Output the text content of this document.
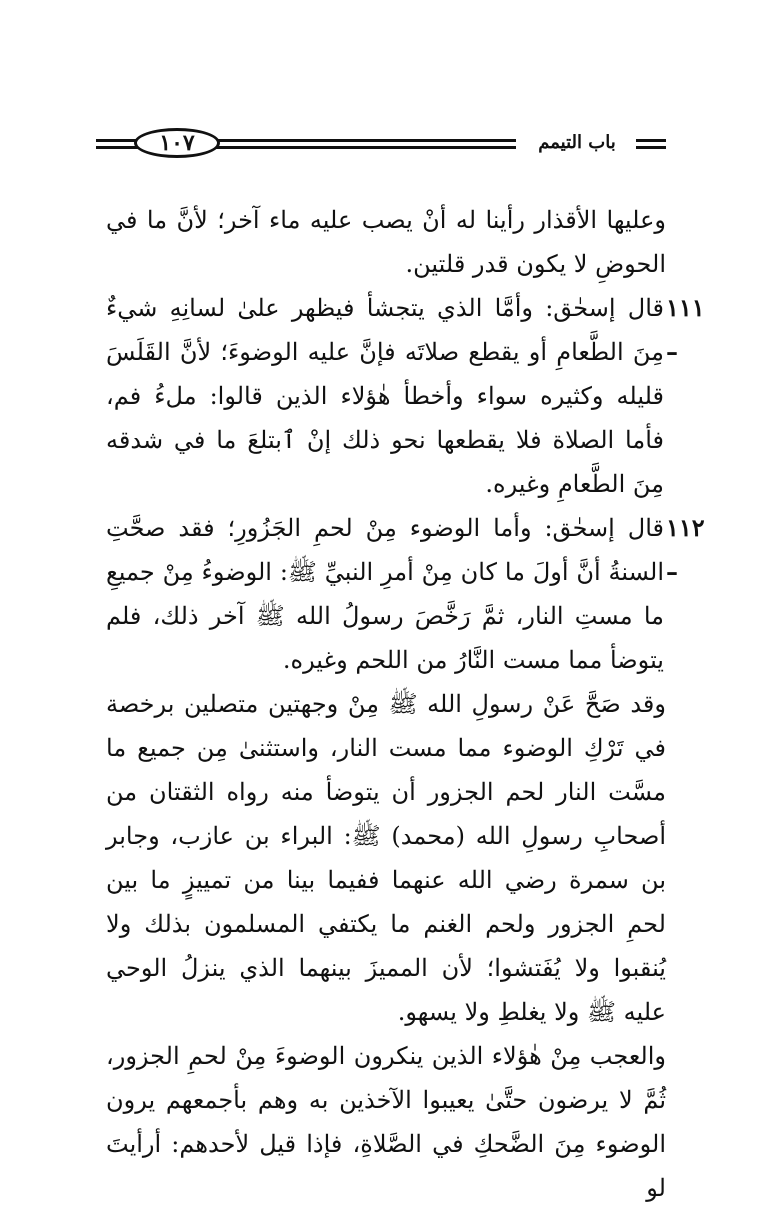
١٠٧	باب التيمم

وعليها الأقذار رأينا له أنْ يصب عليه ماء آخر؛ لأنَّ ما في الحوضِ لا يكون قدر قلتين.

١١١ –
قال إسحٰق: وأمَّا الذي يتجشأ فيظهر علىٰ لسانِهِ شيءٌ مِنَ الطَّعامِ أو يقطع صلاتَه فإنَّ عليه الوضوءَ؛ لأنَّ القَلَسَ قليله وكثيره سواء وأخطأ هٰؤلاء الذين قالوا: ملءُ فم، فأما الصلاة فلا يقطعها نحو ذلك إنْ ٱبتلعَ ما في شدقه مِنَ الطَّعامِ وغيره.

١١٢ –
قال إسحٰق: وأما الوضوء مِنْ لحمِ الجَزُورِ؛ فقد صحَّتِ السنةُ أنَّ أولَ ما كان مِنْ أمرِ النبيِّ ﷺ: الوضوءُ مِنْ جميعِ ما مستِ النار، ثمَّ رَخَّصَ رسولُ الله ﷺ آخر ذلك، فلم يتوضأ مما مست النَّارُ من اللحم وغيره.

وقد صَحَّ عَنْ رسولِ الله ﷺ مِنْ وجهتين متصلين برخصة في تَرْكِ الوضوء مما مست النار، واستثنىٰ مِن جميع ما مسَّت النار لحم الجزور أن يتوضأ منه رواه الثقتان من أصحابِ رسولِ الله (محمد) ﷺ: البراء بن عازب، وجابر بن سمرة رضي الله عنهما ففيما بينا من تمييزٍ ما بين لحمِ الجزور ولحم الغنم ما يكتفي المسلمون بذلك ولا يُنقبوا ولا يُفَتشوا؛ لأن المميزَ بينهما الذي ينزلُ الوحي عليه ﷺ ولا يغلطِ ولا يسهو.

والعجب مِنْ هٰؤلاء الذين ينكرون الوضوءَ مِنْ لحمِ الجزور، ثُمَّ لا يرضون حتَّىٰ يعيبوا الآخذين به وهم بأجمعهم يرون الوضوء مِنَ الضَّحكِ في الصَّلاةِ، فإذا قيل لأحدهم: أرأيتَ لو
